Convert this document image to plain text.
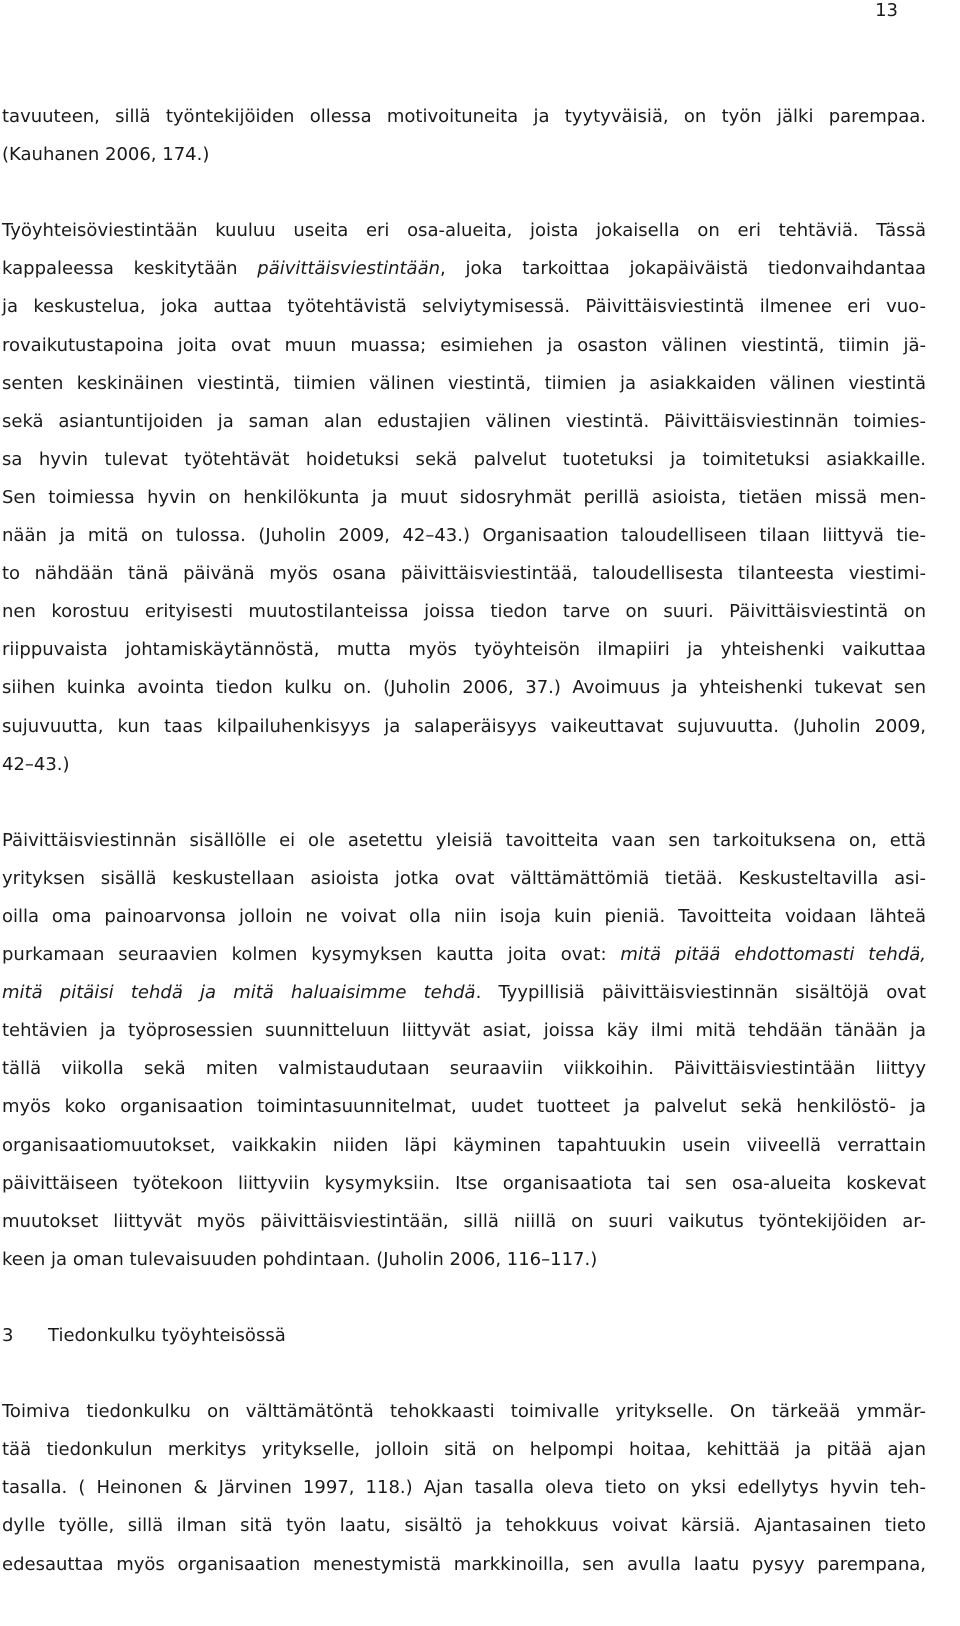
13
tavuuteen, sillä työntekijöiden ollessa motivoituneita ja tyytyväisiä, on työn jälki parempaa.
(Kauhanen 2006, 174.)
Työyhteisöviestintään kuuluu useita eri osa-alueita, joista jokaisella on eri tehtäviä. Tässä
kappaleessa keskitytään päivittäisviestintään, joka tarkoittaa jokapäiväistä tiedonvaihdantaa
ja keskustelua, joka auttaa työtehtävistä selviytymisessä. Päivittäisviestintä ilmenee eri vuo-
rovaikutustapoina joita ovat muun muassa; esimiehen ja osaston välinen viestintä, tiimin jä-
senten keskinäinen viestintä, tiimien välinen viestintä, tiimien ja asiakkaiden välinen viestintä
sekä asiantuntijoiden ja saman alan edustajien välinen viestintä. Päivittäisviestinnän toimies-
sa hyvin tulevat työtehtävät hoidetuksi sekä palvelut tuotetuksi ja toimitetuksi asiakkaille.
Sen toimiessa hyvin on henkilökunta ja muut sidosryhmät perillä asioista, tietäen missä men-
nään ja mitä on tulossa. (Juholin 2009, 42–43.) Organisaation taloudelliseen tilaan liittyvä tie-
to nähdään tänä päivänä myös osana päivittäisviestintää, taloudellisesta tilanteesta viestimi-
nen korostuu erityisesti muutostilanteissa joissa tiedon tarve on suuri. Päivittäisviestintä on
riippuvaista johtamiskäytännöstä, mutta myös työyhteisön ilmapiiri ja yhteishenki vaikuttaa
siihen kuinka avointa tiedon kulku on. (Juholin 2006, 37.) Avoimuus ja yhteishenki tukevat sen
sujuvuutta, kun taas kilpailuhenkisyys ja salaperäisyys vaikeuttavat sujuvuutta. (Juholin 2009,
42–43.)
Päivittäisviestinnän sisällölle ei ole asetettu yleisiä tavoitteita vaan sen tarkoituksena on, että
yrityksen sisällä keskustellaan asioista jotka ovat välttämättömiä tietää. Keskusteltavilla asi-
oilla oma painoarvonsa jolloin ne voivat olla niin isoja kuin pieniä. Tavoitteita voidaan lähteä
purkamaan seuraavien kolmen kysymyksen kautta joita ovat: mitä pitää ehdottomasti tehdä,
mitä pitäisi tehdä ja mitä haluaisimme tehdä. Tyypillisiä päivittäisviestinnän sisältöjä ovat
tehtävien ja työprosessien suunnitteluun liittyvät asiat, joissa käy ilmi mitä tehdään tänään ja
tällä viikolla sekä miten valmistaudutaan seuraaviin viikkoihin. Päivittäisviestintään liittyy
myös koko organisaation toimintasuunnitelmat, uudet tuotteet ja palvelut sekä henkilöstö- ja
organisaatiomuutokset, vaikkakin niiden läpi käyminen tapahtuukin usein viiveellä verrattain
päivittäiseen työtekoon liittyviin kysymyksiin. Itse organisaatiota tai sen osa-alueita koskevat
muutokset liittyvät myös päivittäisviestintään, sillä niillä on suuri vaikutus työntekijöiden ar-
keen ja oman tulevaisuuden pohdintaan. (Juholin 2006, 116–117.)
3 Tiedonkulku työyhteisössä
Toimiva tiedonkulku on välttämätöntä tehokkaasti toimivalle yritykselle. On tärkeää ymmär-
tää tiedonkulun merkitys yritykselle, jolloin sitä on helpompi hoitaa, kehittää ja pitää ajan
tasalla. ( Heinonen & Järvinen 1997, 118.) Ajan tasalla oleva tieto on yksi edellytys hyvin teh-
dylle työlle, sillä ilman sitä työn laatu, sisältö ja tehokkuus voivat kärsiä. Ajantasainen tieto
edesauttaa myös organisaation menestymistä markkinoilla, sen avulla laatu pysyy parempana,
